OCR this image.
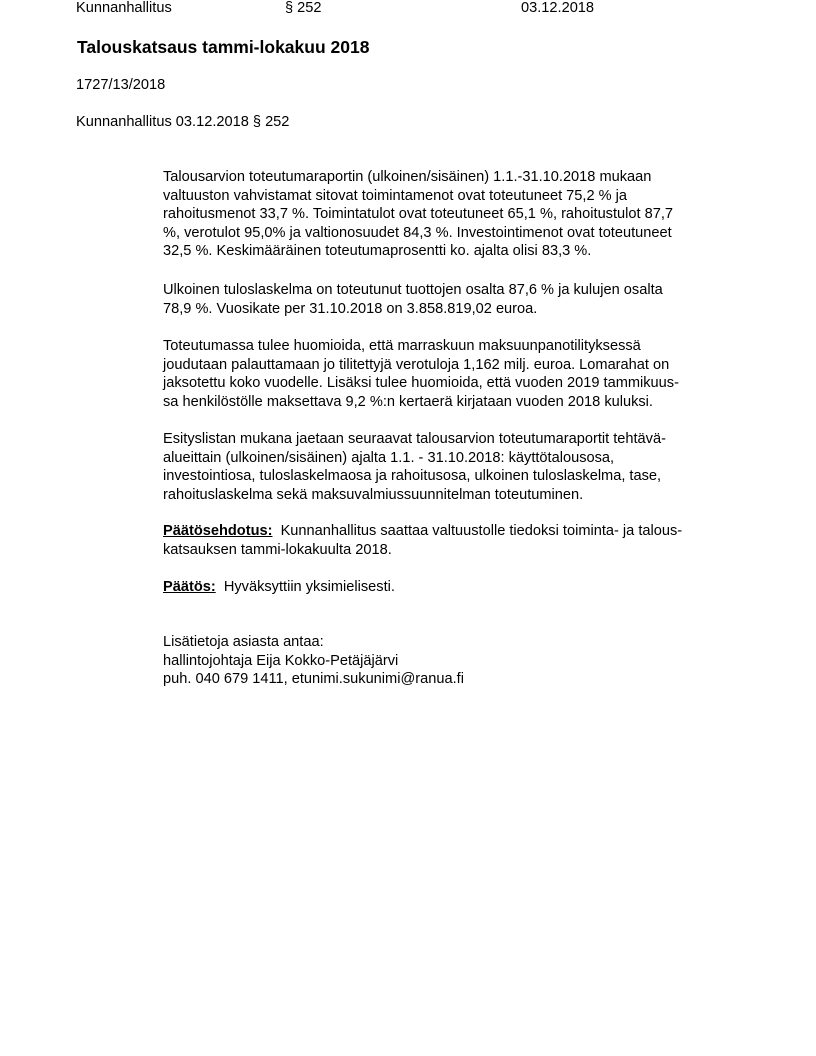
Kunnanhallitus	§ 252	03.12.2018
Talouskatsaus tammi-lokakuu 2018
1727/13/2018
Kunnanhallitus 03.12.2018 § 252
Talousarvion toteutumaraportin (ulkoinen/sisäinen) 1.1.-31.10.2018 mukaan
valtuuston vahvistamat sitovat toimintamenot ovat toteutuneet 75,2 % ja
rahoitusmenot 33,7 %. Toimintatulot ovat toteutuneet 65,1 %, rahoitustulot 87,7
%, verotulot 95,0% ja valtionosuudet 84,3 %. Investointimenot ovat toteutuneet
32,5 %. Keskimääräinen toteutumaprosentti ko. ajalta olisi 83,3 %.
Ulkoinen tuloslaskelma on toteutunut tuottojen osalta 87,6 % ja kulujen osalta
78,9 %. Vuosikate per 31.10.2018 on 3.858.819,02 euroa.
Toteutumassa tulee huomioida, että marraskuun maksuunpanotilityksessä
joudutaan palauttamaan jo tilitettyjä verotuloja 1,162 milj. euroa. Lomarahat on
jaksotettu koko vuodelle. Lisäksi tulee huomioida, että vuoden 2019 tammikuus-
sa henkilöstölle maksettava 9,2 %:n kertaerä kirjataan vuoden 2018 kuluksi.
Esityslistan mukana jaetaan seuraavat talousarvion toteutumaraportit tehtävä-
alueittain (ulkoinen/sisäinen) ajalta 1.1. - 31.10.2018: käyttötalousosa,
investointiosa, tuloslaskelmaosa ja rahoitusosa, ulkoinen tuloslaskelma, tase,
rahoituslaskelma sekä maksuvalmiussuunnitelman toteutuminen.
Päätösehdotus: Kunnanhallitus saattaa valtuustolle tiedoksi toiminta- ja talous-
katsauksen tammi-lokakuulta 2018.
Päätös: Hyväksyttiin yksimielisesti.
Lisätietoja asiasta antaa:
hallintojohtaja Eija Kokko-Petäjäjärvi
puh. 040 679 1411, etunimi.sukunimi@ranua.fi
